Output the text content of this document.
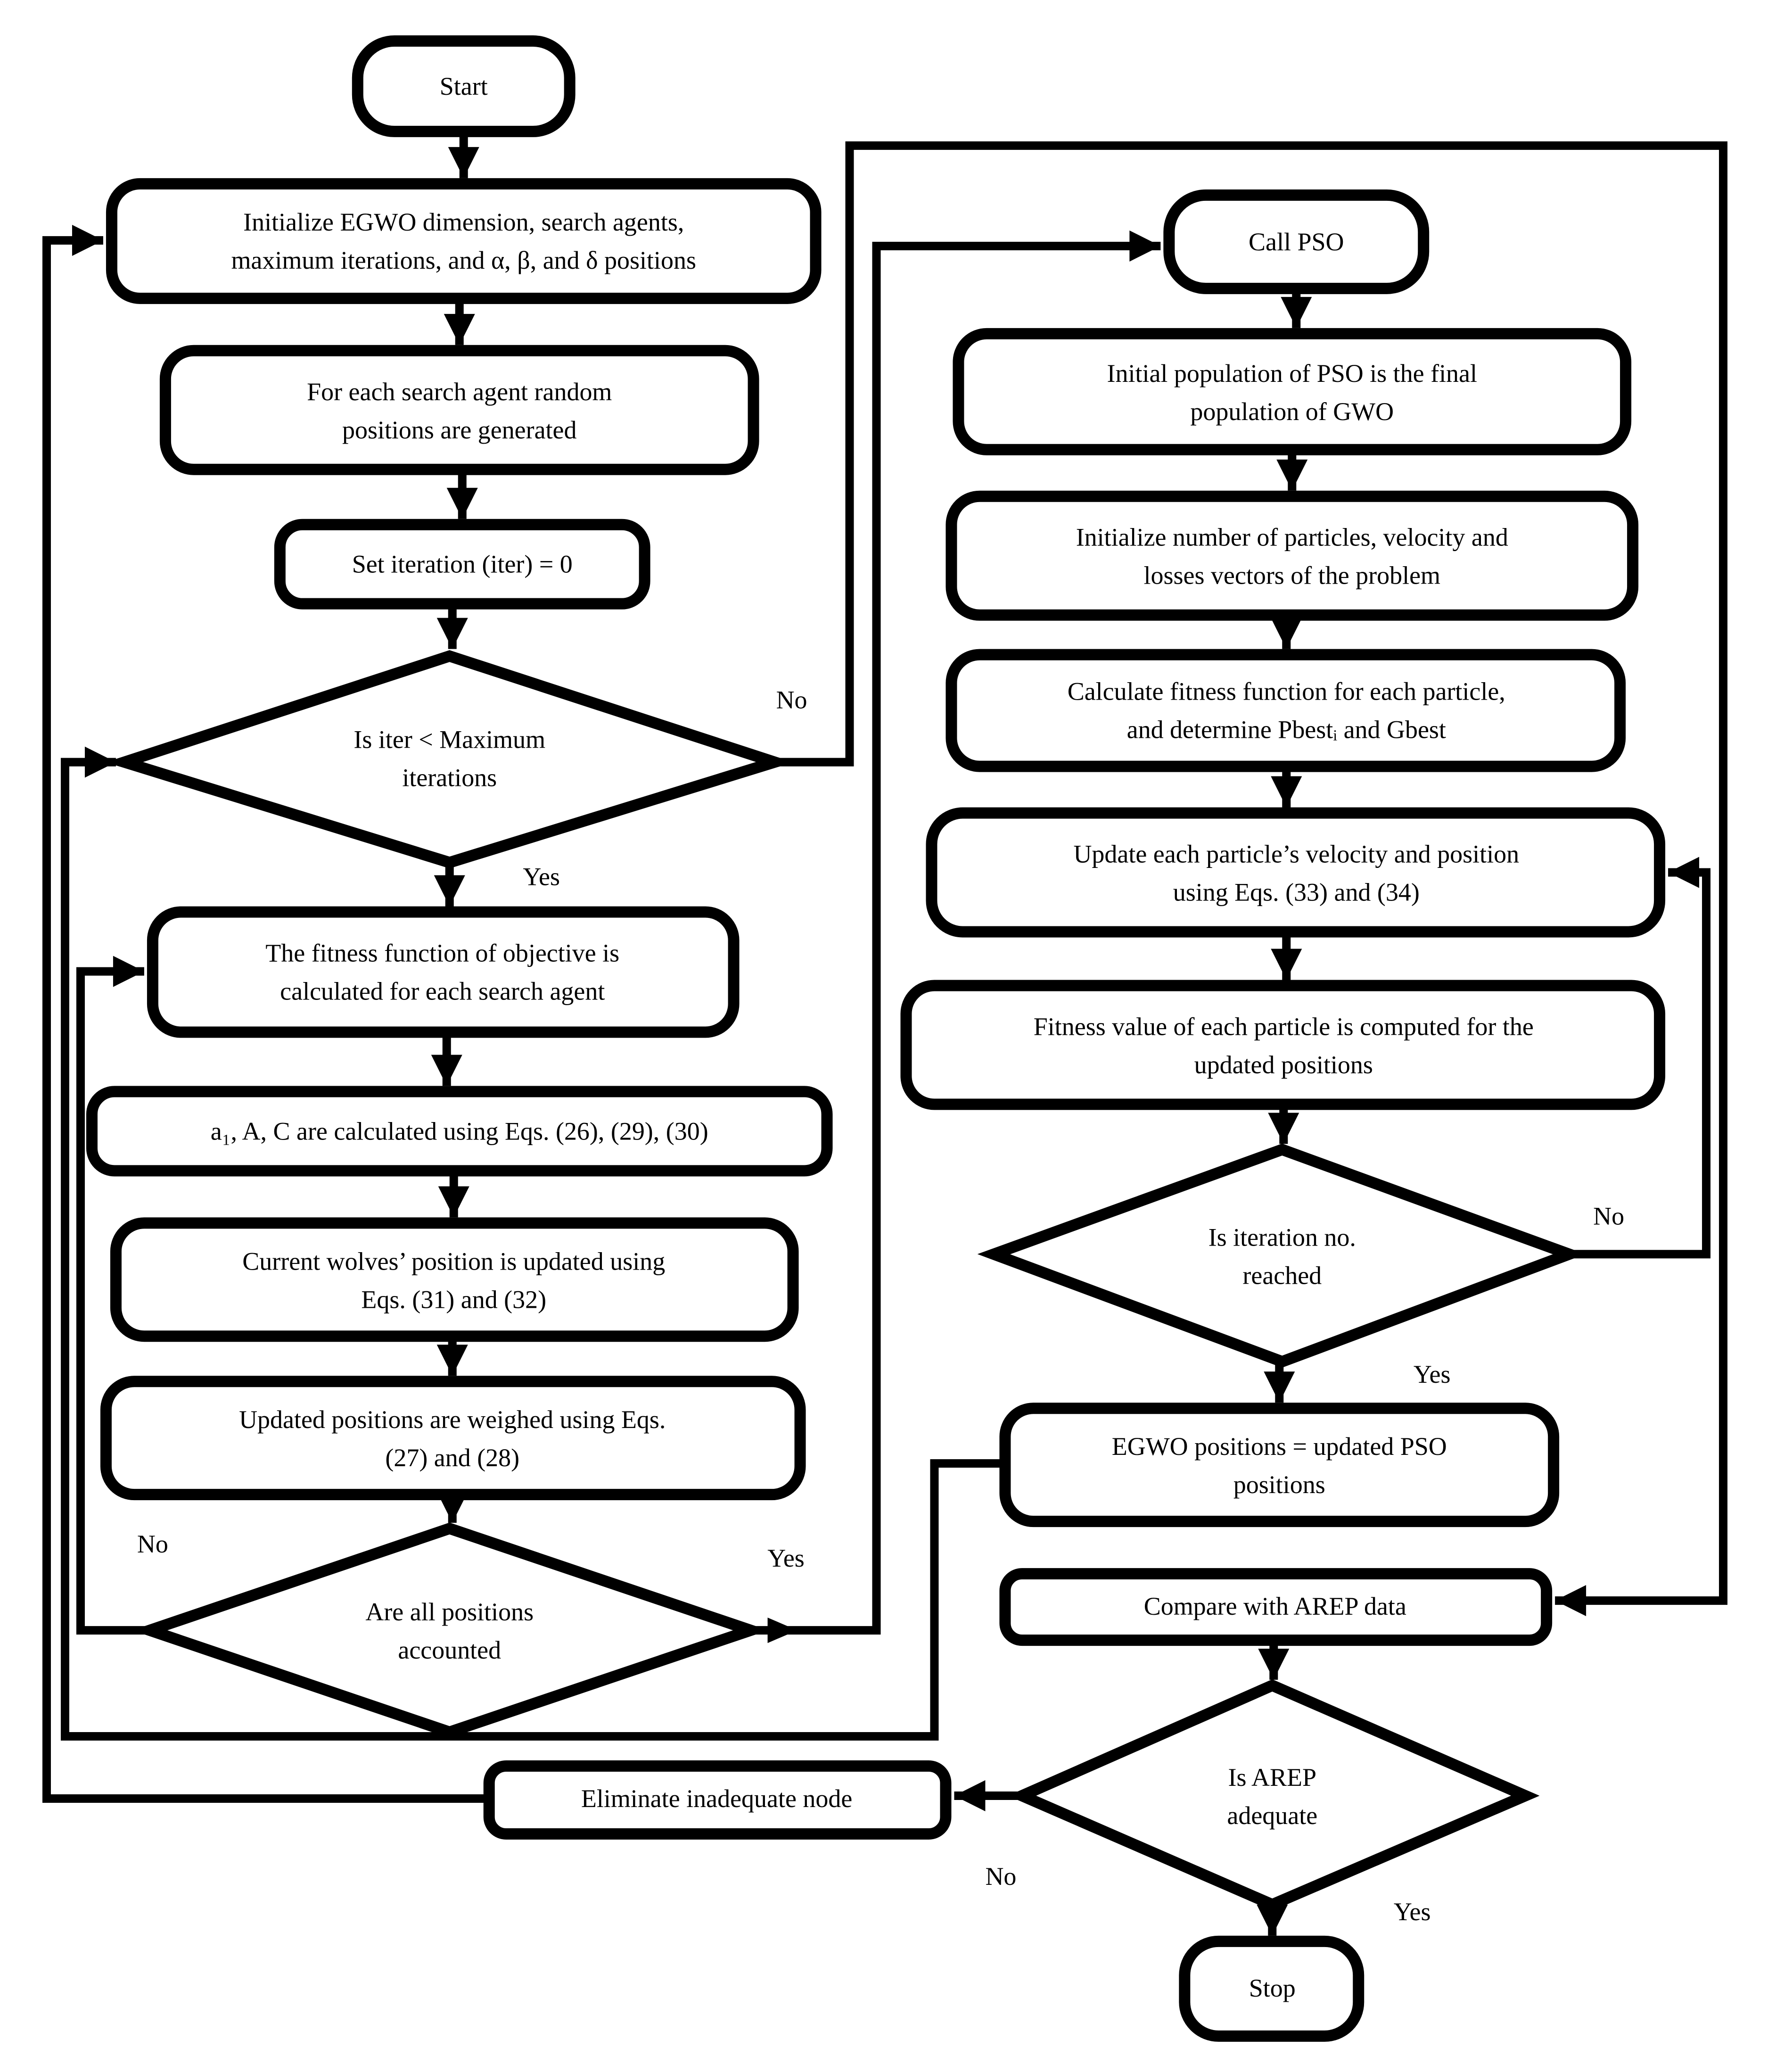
No
Yes
No	Yes
No
Yes
No
Yes
Start
Initialize EGWO dimension, search agents,
maximum iterations, and α, β, and δ positions
For each search agent random
positions are generated
Set iteration (iter) = 0
Is iter < Maximum
iterations
The fitness function of objective is
calculated for each search agent
a₁, A, C are calculated using Eqs. (26), (29), (30)
Current wolves’ position is updated using
Eqs. (31) and (32)
Updated positions are weighed using Eqs.
(27) and (28)
Are all positions
accounted
Eliminate inadequate node
Call PSO
Initial population of PSO is the final
population of GWO
Initialize number of particles, velocity and
losses vectors of the problem
Calculate fitness function for each particle,
and determine Pbestᵢ and Gbest
Update each particle’s velocity and position
using Eqs. (33) and (34)
Fitness value of each particle is computed for the
updated positions
Is iteration no.
reached
EGWO positions = updated PSO
positions
Compare with AREP data
Is AREP
adequate
Stop
